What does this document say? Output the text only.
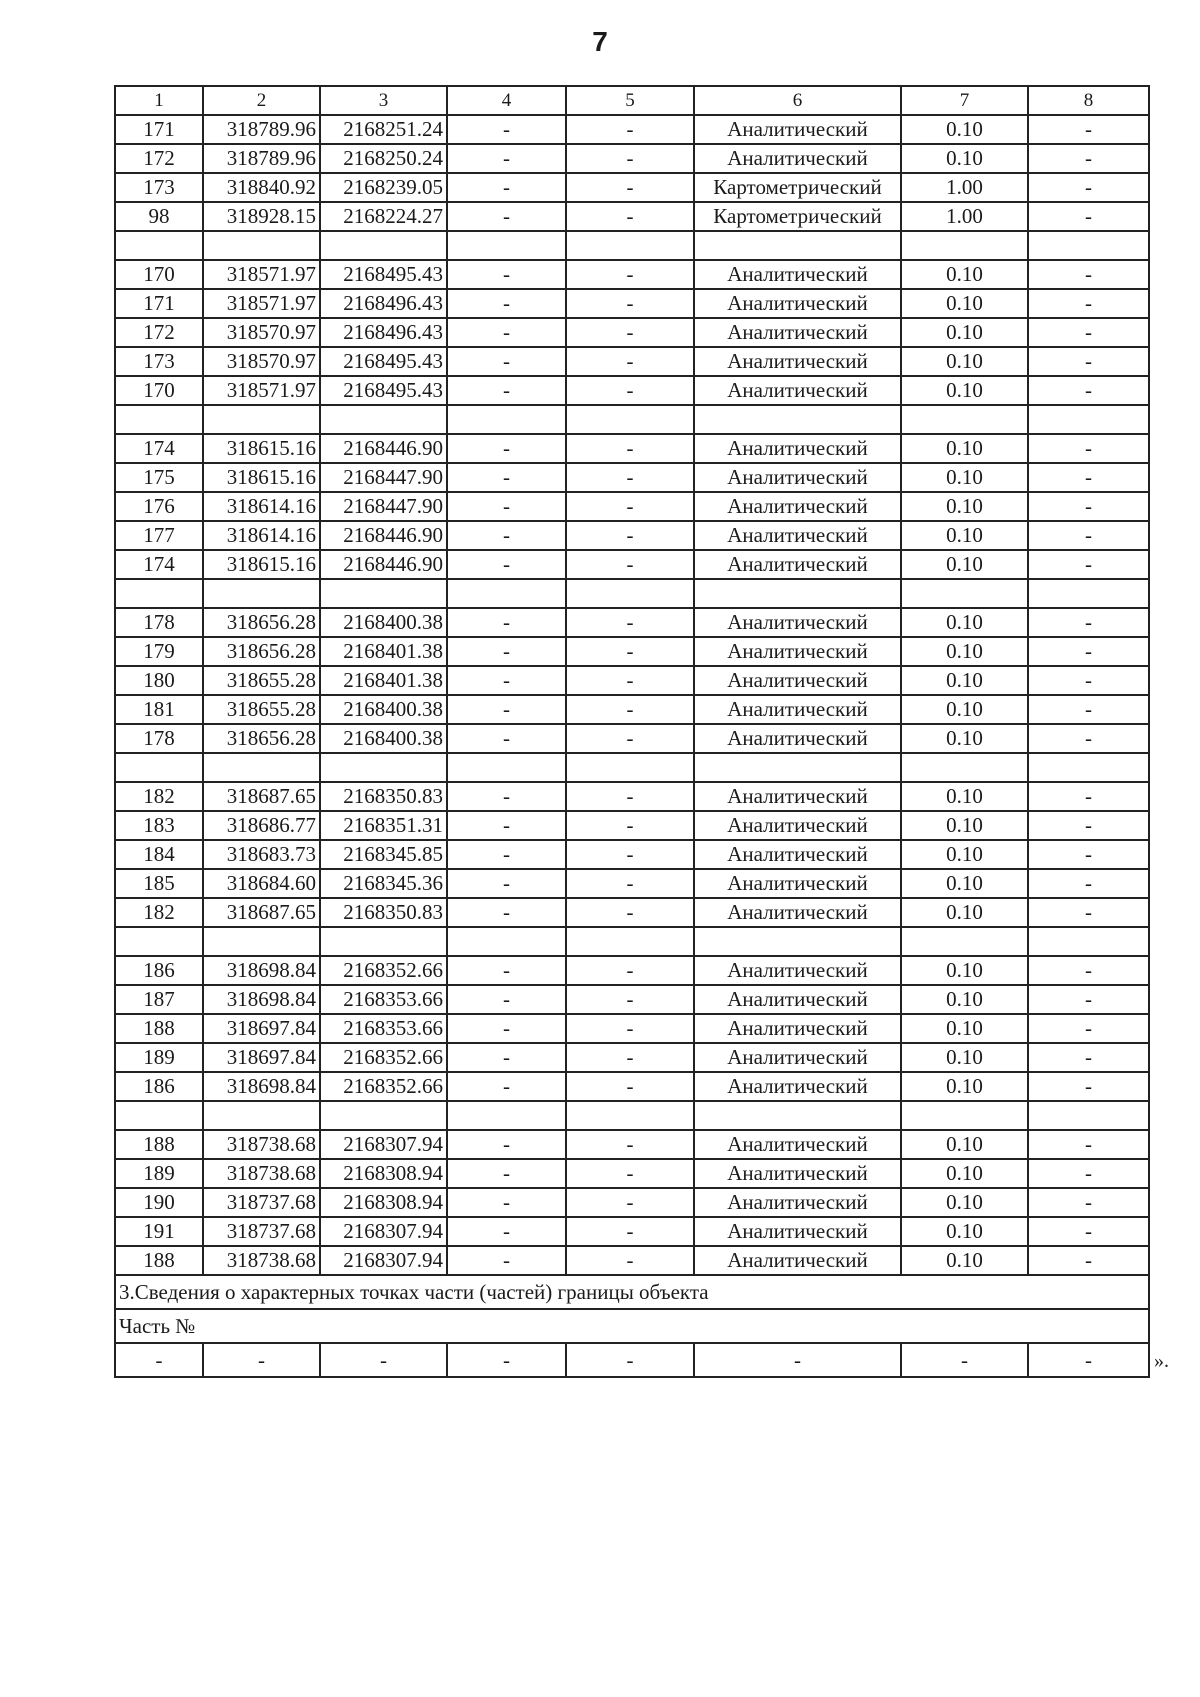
7
1	2	3	4	5	6	7	8
171	318789.96	2168251.24	-	-	Аналитический	0.10	-
172	318789.96	2168250.24	-	-	Аналитический	0.10	-
173	318840.92	2168239.05	-	-	Картометрический	1.00	-
98	318928.15	2168224.27	-	-	Картометрический	1.00	-

170	318571.97	2168495.43	-	-	Аналитический	0.10	-
171	318571.97	2168496.43	-	-	Аналитический	0.10	-
172	318570.97	2168496.43	-	-	Аналитический	0.10	-
173	318570.97	2168495.43	-	-	Аналитический	0.10	-
170	318571.97	2168495.43	-	-	Аналитический	0.10	-

174	318615.16	2168446.90	-	-	Аналитический	0.10	-
175	318615.16	2168447.90	-	-	Аналитический	0.10	-
176	318614.16	2168447.90	-	-	Аналитический	0.10	-
177	318614.16	2168446.90	-	-	Аналитический	0.10	-
174	318615.16	2168446.90	-	-	Аналитический	0.10	-

178	318656.28	2168400.38	-	-	Аналитический	0.10	-
179	318656.28	2168401.38	-	-	Аналитический	0.10	-
180	318655.28	2168401.38	-	-	Аналитический	0.10	-
181	318655.28	2168400.38	-	-	Аналитический	0.10	-
178	318656.28	2168400.38	-	-	Аналитический	0.10	-

182	318687.65	2168350.83	-	-	Аналитический	0.10	-
183	318686.77	2168351.31	-	-	Аналитический	0.10	-
184	318683.73	2168345.85	-	-	Аналитический	0.10	-
185	318684.60	2168345.36	-	-	Аналитический	0.10	-
182	318687.65	2168350.83	-	-	Аналитический	0.10	-

186	318698.84	2168352.66	-	-	Аналитический	0.10	-
187	318698.84	2168353.66	-	-	Аналитический	0.10	-
188	318697.84	2168353.66	-	-	Аналитический	0.10	-
189	318697.84	2168352.66	-	-	Аналитический	0.10	-
186	318698.84	2168352.66	-	-	Аналитический	0.10	-

188	318738.68	2168307.94	-	-	Аналитический	0.10	-
189	318738.68	2168308.94	-	-	Аналитический	0.10	-
190	318737.68	2168308.94	-	-	Аналитический	0.10	-
191	318737.68	2168307.94	-	-	Аналитический	0.10	-
188	318738.68	2168307.94	-	-	Аналитический	0.10	-
3.Сведения о характерных точках части (частей) границы объекта							
Часть №							
-	-	-	-	-	-	-	-	».
